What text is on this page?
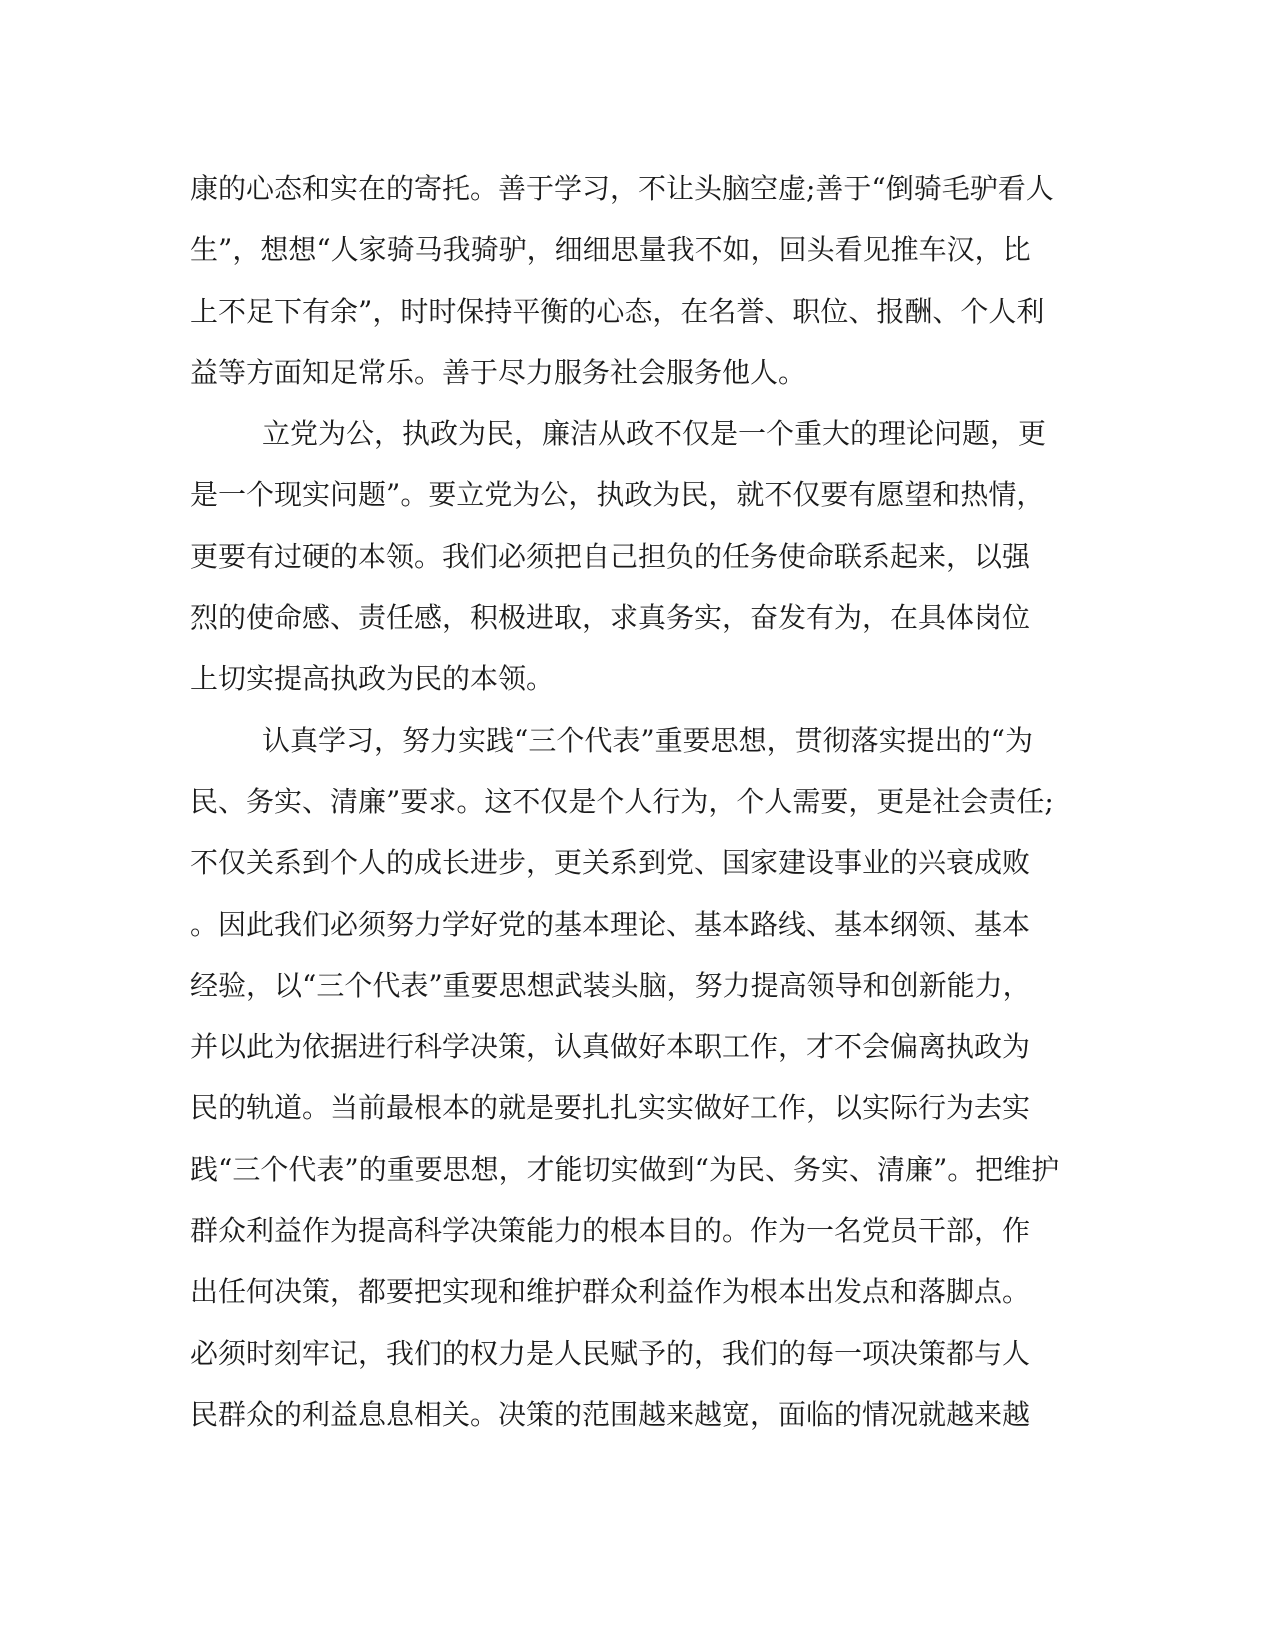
康的心态和实在的寄托。善于学习，不让头脑空虚;善于“倒骑毛驴看人
生”，想想“人家骑马我骑驴，细细思量我不如，回头看见推车汉，比
上不足下有余”，时时保持平衡的心态，在名誉、职位、报酬、个人利
益等方面知足常乐。善于尽力服务社会服务他人。
立党为公，执政为民，廉洁从政不仅是一个重大的理论问题，更
是一个现实问题”。要立党为公，执政为民，就不仅要有愿望和热情，
更要有过硬的本领。我们必须把自己担负的任务使命联系起来，以强
烈的使命感、责任感，积极进取，求真务实，奋发有为，在具体岗位
上切实提高执政为民的本领。
认真学习，努力实践“三个代表”重要思想，贯彻落实提出的“为
民、务实、清廉”要求。这不仅是个人行为，个人需要，更是社会责任;
不仅关系到个人的成长进步，更关系到党、国家建设事业的兴衰成败
。因此我们必须努力学好党的基本理论、基本路线、基本纲领、基本
经验，以“三个代表”重要思想武装头脑，努力提高领导和创新能力，
并以此为依据进行科学决策，认真做好本职工作，才不会偏离执政为
民的轨道。当前最根本的就是要扎扎实实做好工作，以实际行为去实
践“三个代表”的重要思想，才能切实做到“为民、务实、清廉”。把维护
群众利益作为提高科学决策能力的根本目的。作为一名党员干部，作
出任何决策，都要把实现和维护群众利益作为根本出发点和落脚点。
必须时刻牢记，我们的权力是人民赋予的，我们的每一项决策都与人
民群众的利益息息相关。决策的范围越来越宽，面临的情况就越来越
